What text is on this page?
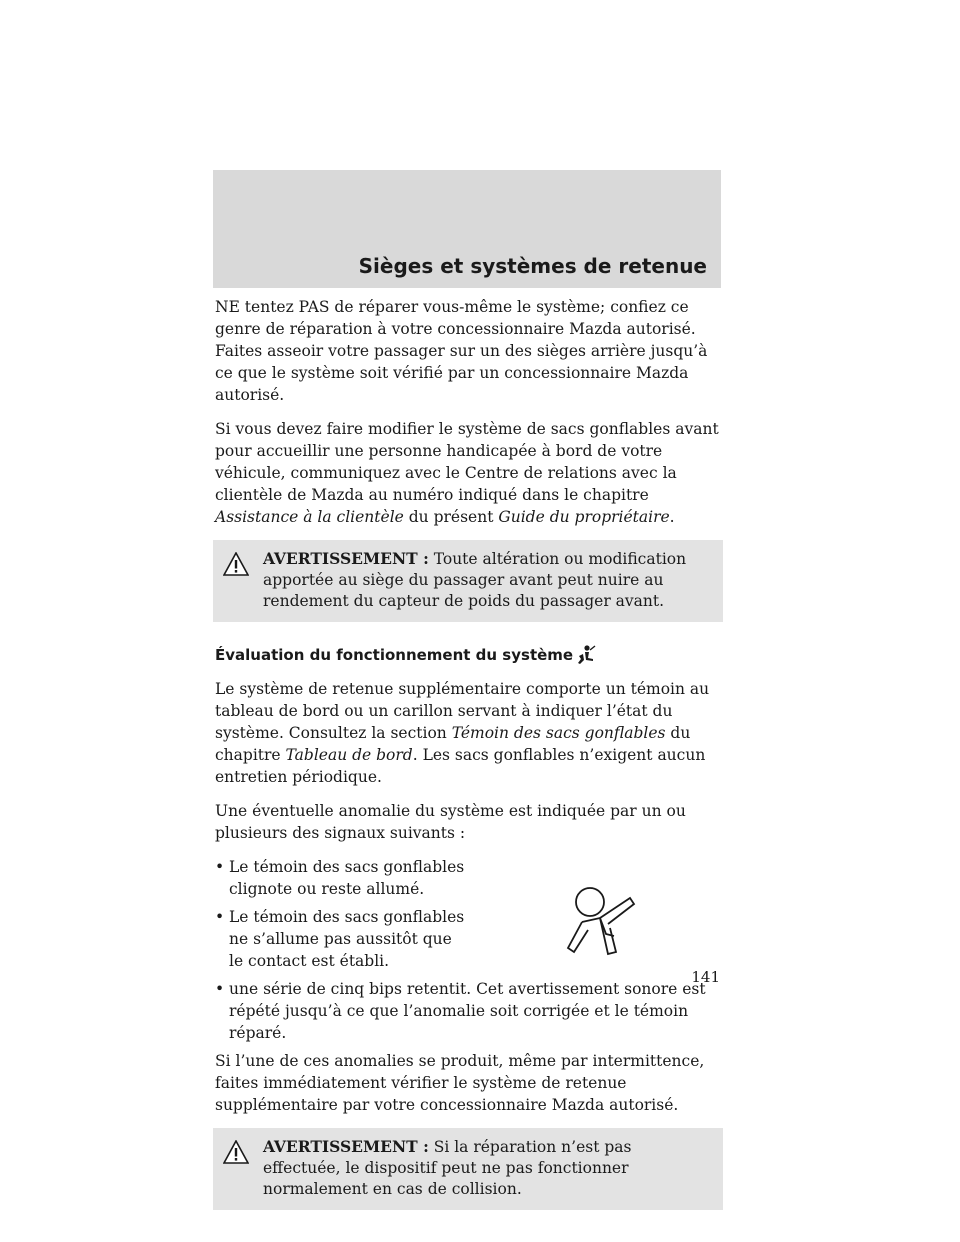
Sièges et systèmes de retenue

NE tentez PAS de réparer vous-même le système; confiez ce genre de réparation à votre concessionnaire Mazda autorisé. Faites asseoir votre passager sur un des sièges arrière jusqu’à ce que le système soit vérifié par un concessionnaire Mazda autorisé.

Si vous devez faire modifier le système de sacs gonflables avant pour accueillir une personne handicapée à bord de votre véhicule, communiquez avec le Centre de relations avec la clientèle de Mazda au numéro indiqué dans le chapitre Assistance à la clientèle du présent Guide du propriétaire.

AVERTISSEMENT : Toute altération ou modification apportée au siège du passager avant peut nuire au rendement du capteur de poids du passager avant.
Évaluation du fonctionnement du système

Le système de retenue supplémentaire comporte un témoin au tableau de bord ou un carillon servant à indiquer l’état du système. Consultez la section Témoin des sacs gonflables du chapitre Tableau de bord. Les sacs gonflables n’exigent aucun entretien périodique.

Une éventuelle anomalie du système est indiquée par un ou plusieurs des signaux suivants :

• Le témoin des sacs gonflables clignote ou reste allumé.
• Le témoin des sacs gonflables ne s’allume pas aussitôt que le contact est établi.
• une série de cinq bips retentit. Cet avertissement sonore est répété jusqu’à ce que l’anomalie soit corrigée et le témoin réparé.

Si l’une de ces anomalies se produit, même par intermittence, faites immédiatement vérifier le système de retenue supplémentaire par votre concessionnaire Mazda autorisé.

AVERTISSEMENT : Si la réparation n’est pas effectuée, le dispositif peut ne pas fonctionner normalement en cas de collision.
141
